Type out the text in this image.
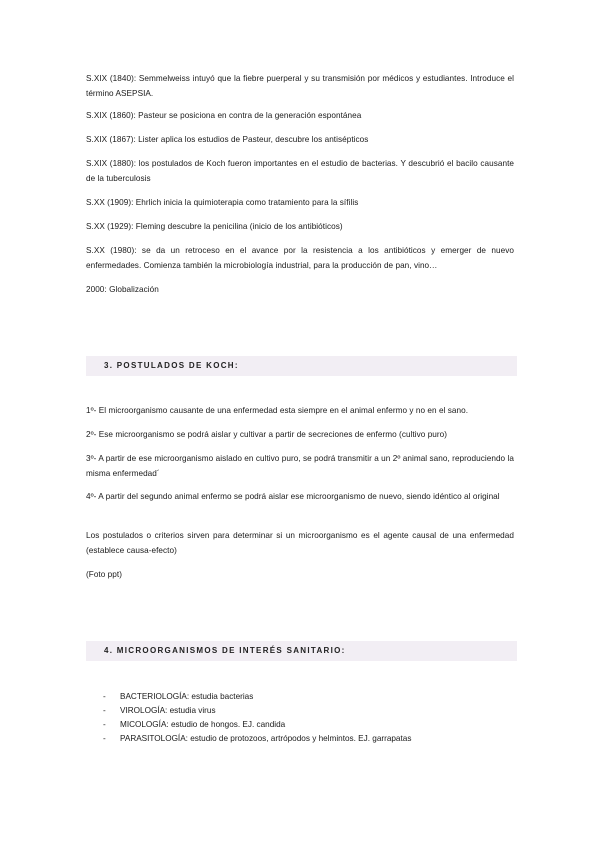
S.XIX (1840): Semmelweiss intuyó que la fiebre puerperal y su transmisión por médicos y estudiantes. Introduce el término ASEPSIA.

S.XIX (1860): Pasteur se posiciona en contra de la generación espontánea

S.XIX (1867): Lister aplica los estudios de Pasteur, descubre los antisépticos

S.XIX (1880): los postulados de Koch fueron importantes en el estudio de bacterias. Y descubrió el bacilo causante de la tuberculosis

S.XX (1909): Ehrlich inicia la quimioterapia como tratamiento para la sífilis

S.XX (1929): Fleming descubre la penicilina (inicio de los antibióticos)

S.XX (1980): se da un retroceso en el avance por la resistencia a los antibióticos y emerger de nuevo enfermedades. Comienza también la microbiología industrial, para la producción de pan, vino…

2000: Globalización

3. POSTULADOS DE KOCH:

1º- El microorganismo causante de una enfermedad esta siempre en el animal enfermo y no en el sano.

2º- Ese microorganismo se podrá aislar y cultivar a partir de secreciones de enfermo (cultivo puro)

3º- A partir de ese microorganismo aislado en cultivo puro, se podrá transmitir a un 2º animal sano, reproduciendo la misma enfermedad´

4º- A partir del segundo animal enfermo se podrá aislar ese microorganismo de nuevo, siendo idéntico al original

Los postulados o criterios sirven para determinar si un microorganismo es el agente causal de una enfermedad (establece causa-efecto)

(Foto ppt)

4. MICROORGANISMOS DE INTERÉS SANITARIO:
- BACTERIOLOGÍA: estudia bacterias
- VIROLOGÍA: estudia virus
- MICOLOGÍA: estudio de hongos. EJ. candida
- PARASITOLOGÍA: estudio de protozoos, artrópodos y helmintos. EJ. garrapatas
